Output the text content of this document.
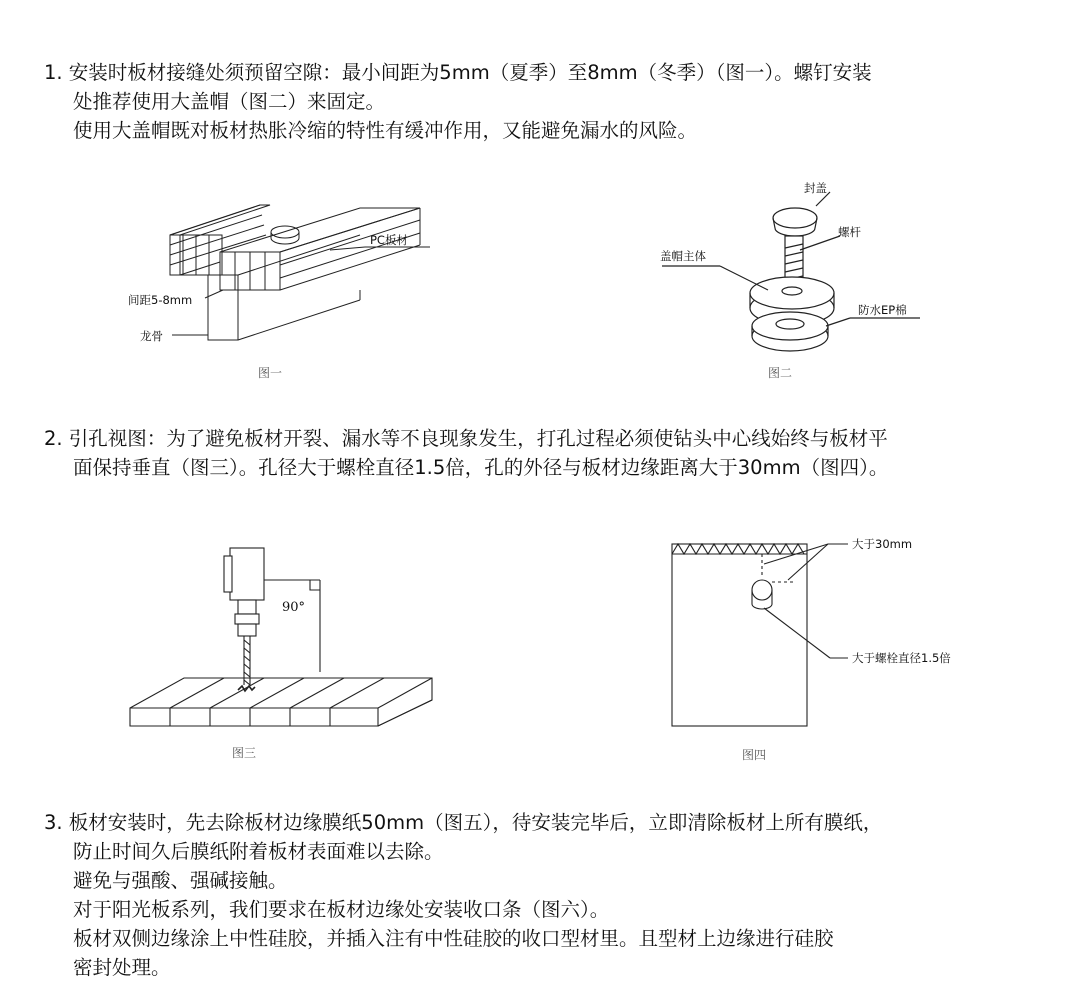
1. 安装时板材接缝处须预留空隙：最小间距为5mm（夏季）至8mm（冬季）（图一）。螺钉安装
处推荐使用大盖帽（图二）来固定。
使用大盖帽既对板材热胀冷缩的特性有缓冲作用，又能避免漏水的风险。
PC板材
间距5-8mm
龙骨
图一
封盖
螺杆
盖帽主体
防水EP棉
图二
2. 引孔视图：为了避免板材开裂、漏水等不良现象发生，打孔过程必须使钻头中心线始终与板材平
面保持垂直（图三）。孔径大于螺栓直径1.5倍，孔的外径与板材边缘距离大于30mm（图四）。
90°
图三
大于30mm
大于螺栓直径1.5倍
图四
3. 板材安装时，先去除板材边缘膜纸50mm（图五），待安装完毕后，立即清除板材上所有膜纸，
防止时间久后膜纸附着板材表面难以去除。
避免与强酸、强碱接触。
对于阳光板系列，我们要求在板材边缘处安装收口条（图六）。
板材双侧边缘涂上中性硅胶，并插入注有中性硅胶的收口型材里。且型材上边缘进行硅胶
密封处理。
